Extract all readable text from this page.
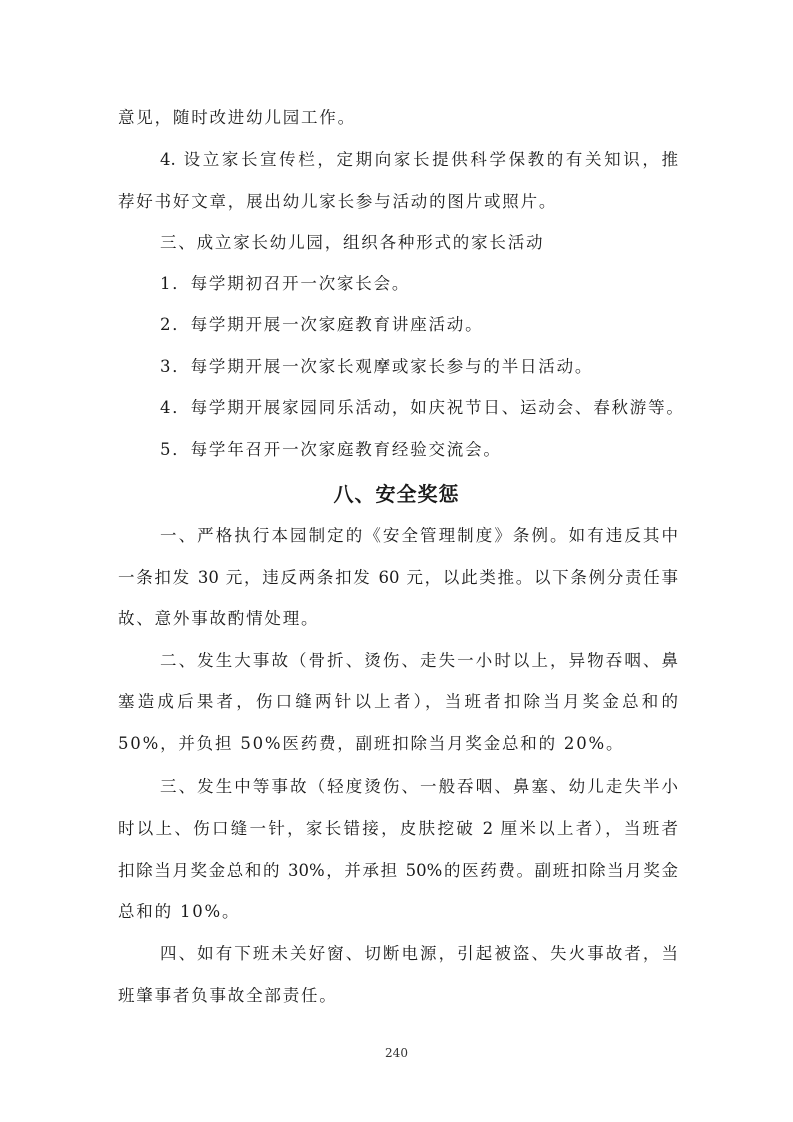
意见，随时改进幼儿园工作。
4. 设立家长宣传栏，定期向家长提供科学保教的有关知识，推
荐好书好文章，展出幼儿家长参与活动的图片或照片。
三、成立家长幼儿园，组织各种形式的家长活动
1．每学期初召开一次家长会。
2．每学期开展一次家庭教育讲座活动。
3．每学期开展一次家长观摩或家长参与的半日活动。
4．每学期开展家园同乐活动，如庆祝节日、运动会、春秋游等。
5．每学年召开一次家庭教育经验交流会。
八、安全奖惩
一、严格执行本园制定的《安全管理制度》条例。如有违反其中
一条扣发 30 元，违反两条扣发 60 元，以此类推。以下条例分责任事
故、意外事故酌情处理。
二、发生大事故（骨折、烫伤、走失一小时以上，异物吞咽、鼻
塞造成后果者，伤口缝两针以上者），当班者扣除当月奖金总和的
50%，并负担 50%医药费，副班扣除当月奖金总和的 20%。
三、发生中等事故（轻度烫伤、一般吞咽、鼻塞、幼儿走失半小
时以上、伤口缝一针，家长错接，皮肤挖破 2 厘米以上者），当班者
扣除当月奖金总和的 30%，并承担 50%的医药费。副班扣除当月奖金
总和的 10%。
四、如有下班未关好窗、切断电源，引起被盗、失火事故者，当
班肇事者负事故全部责任。
240
